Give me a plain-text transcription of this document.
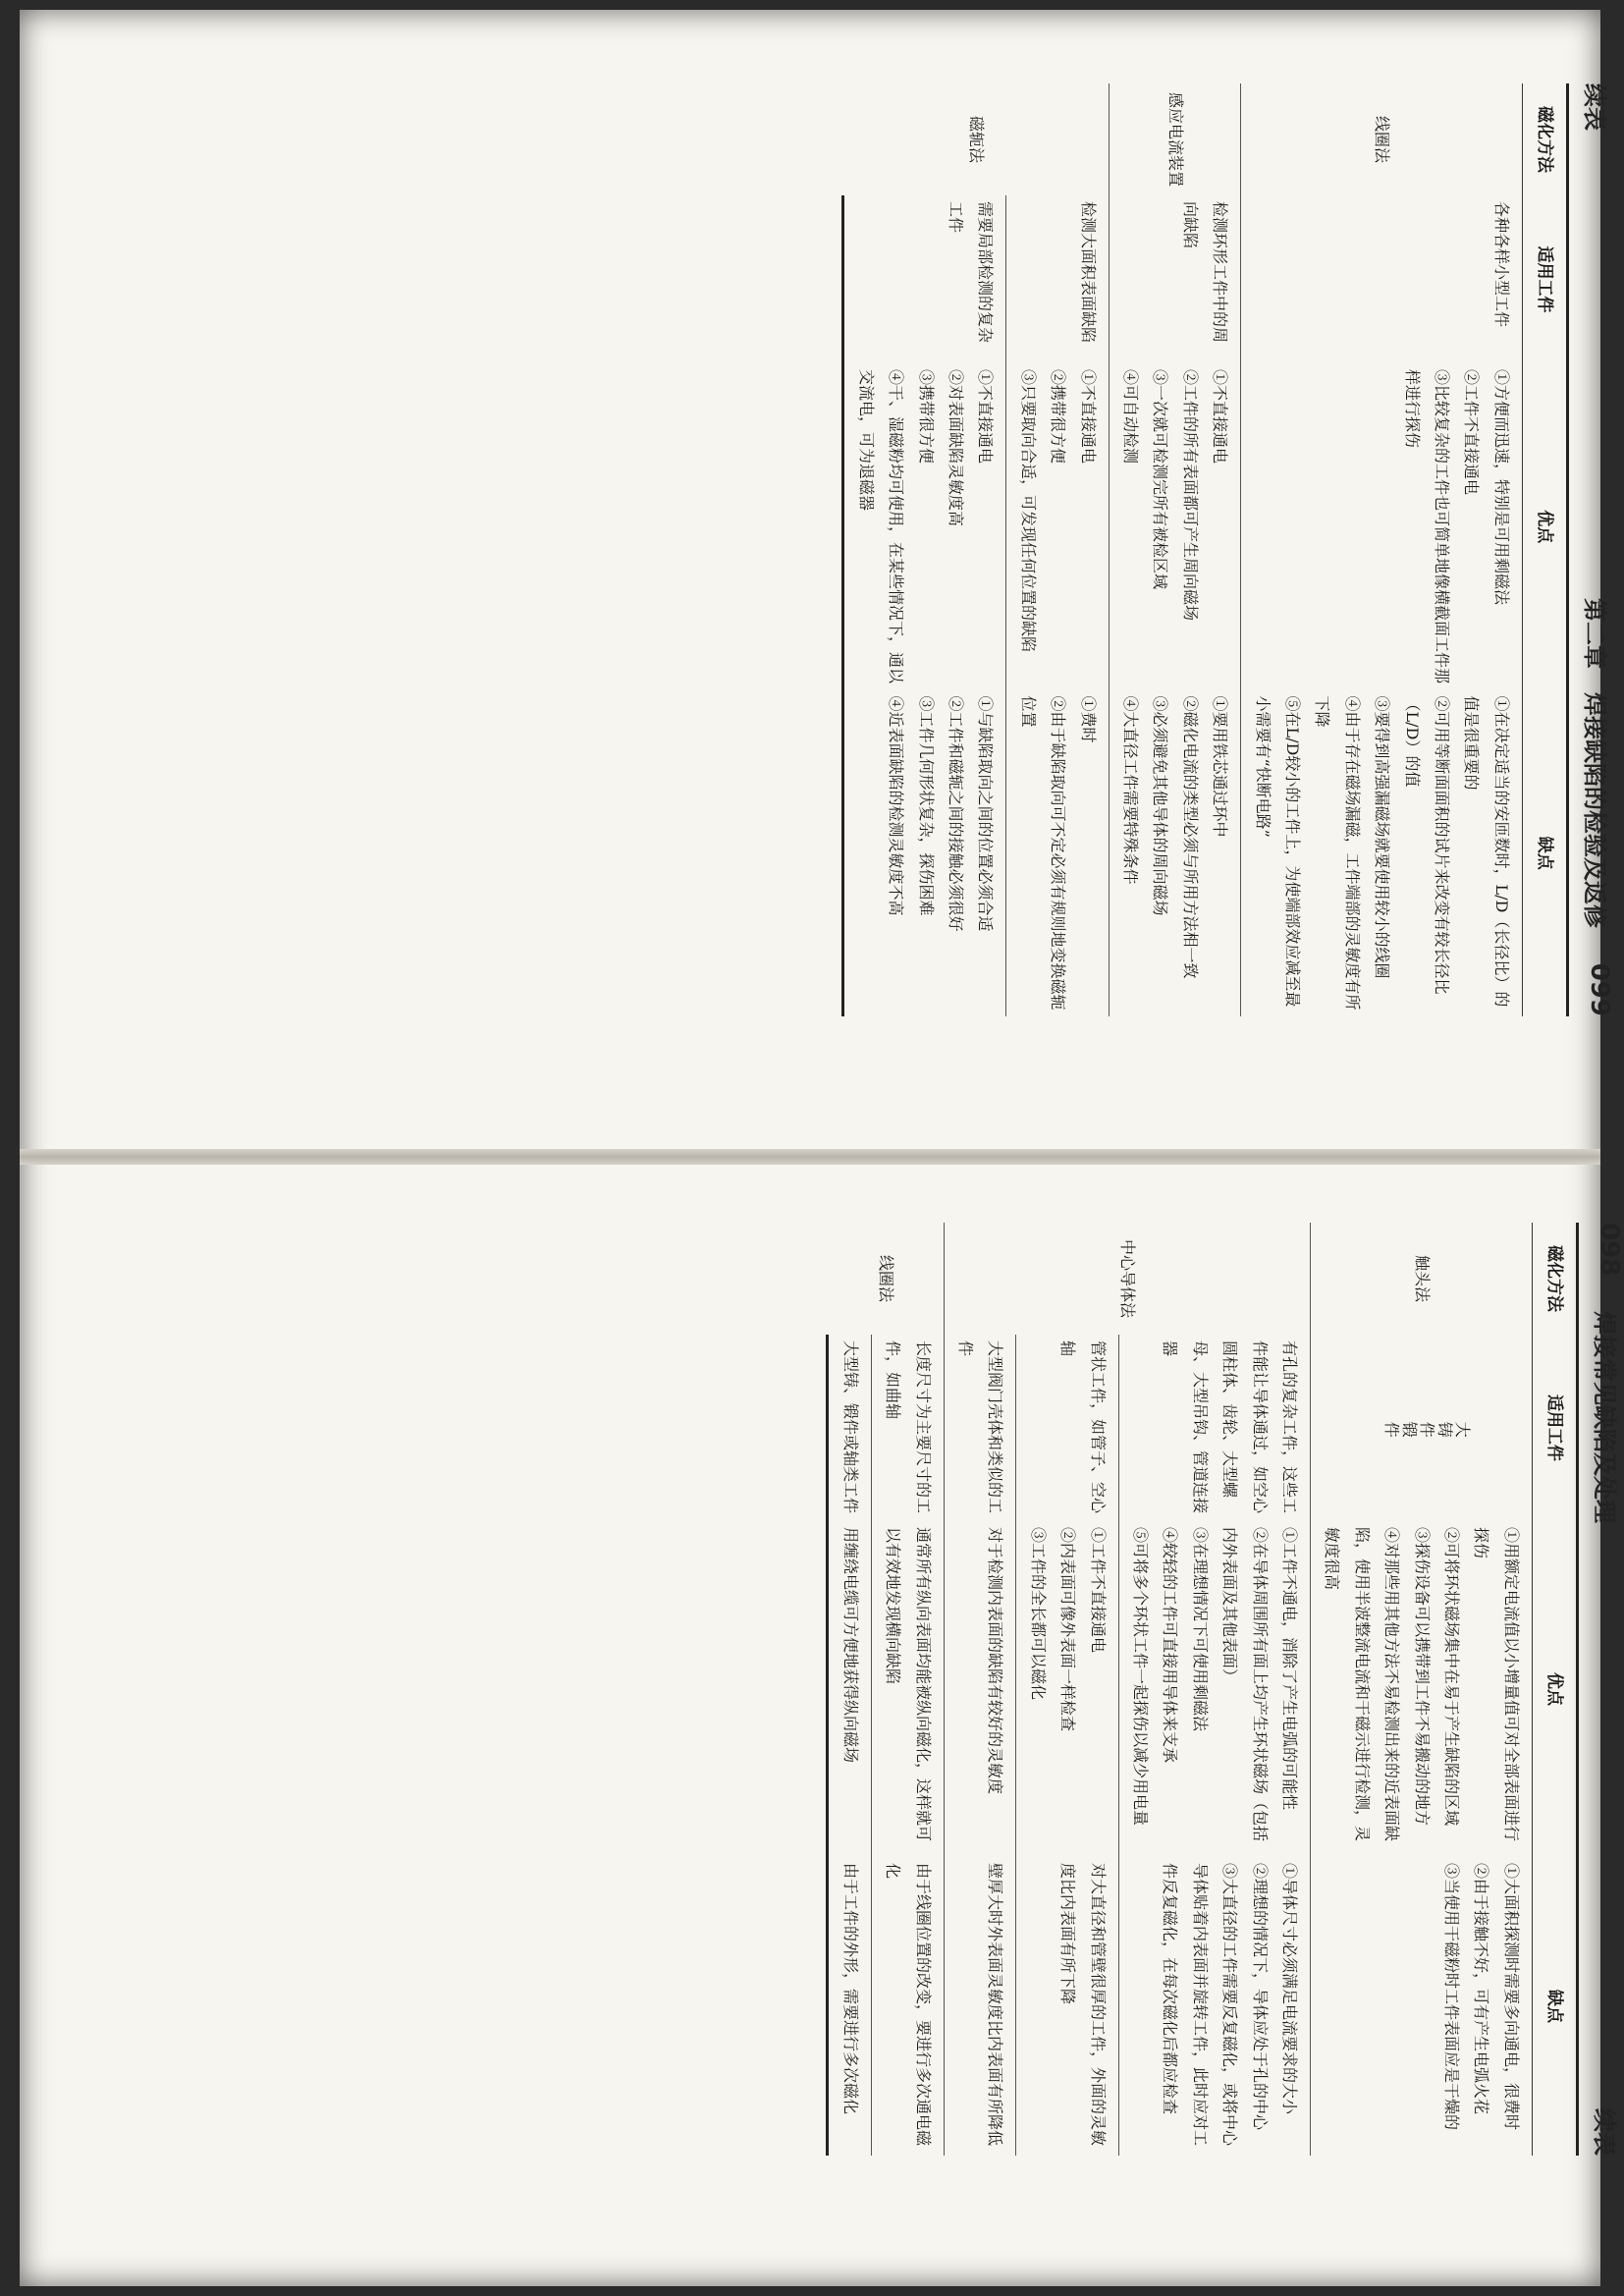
续表
第二章　焊接缺陷的检验及返修
099
磁化方法	适用工件	优点	缺点
线圈法	各种各样小型工件	①方便而迅速，特别是可用剩磁法
②工件不直接通电
③比较复杂的工件也可简单地像横截面工件那样进行探伤	①在决定适当的安匝数时，L/D（长径比）的值是很重要的
②可用等断面面积的试片来改变有较长径比（L/D）的值
③要得到高强漏磁场就要使用较小的线圈
④由于存在磁场漏磁，工件端部的灵敏度有所下降
⑤在L/D较小的工件上，为使端部效应减至最小需要有“快断电路”

感应电流装置	检测环形工件中的周向缺陷	①不直接通电
②工件的所有表面都可产生周向磁场
③一次就可检测完所有被检区域
④可自动检测	①要用铁芯通过环中
②磁化电流的类型必须与所用方法相一致
③必须避免其他导体的周向磁场
④大直径工件需要特殊条件

磁轭法	检测大面积表面缺陷	①不直接通电
②携带很方便
③只要取向合适，可发现任何位置的缺陷	①费时
②由于缺陷取向可不定必须有规则地变换磁轭位置

	需要局部检测的复杂工件	①不直接通电
②对表面缺陷灵敏度高
③携带很方便
④干、湿磁粉均可使用，在某些情况下，通以交流电，可为退磁器	①与缺陷取向之间的位置必须合适
②工件和磁轭之间的接触必须很好
③工件几何形状复杂，探伤困难
④近表面缺陷的检测灵敏度不高
098
焊接常见缺陷及处理
续表
磁化方法	适用工件	优点	缺点
触头法	大铸件锻件	①用额定电流值以小增量值可对全部表面进行探伤
②可将环状磁场集中在易于产生缺陷的区域
③探伤设备可以携带到工件不易搬动的地方
④对那些用其他方法不易检测出来的近表面缺陷，使用半波整流电流和干磁示进行检测，灵敏度很高	①大面积探测时需要多向通电，很费时
②由于接触不好，可有产生电弧火花
③当使用干磁粉时工件表面应是干燥的

中心导体法	有孔的复杂工件，这些工件能让导体通过，如空心圆柱体、齿轮、大型螺母、大型吊钩、管道连接器	①工件不通电，消除了产生电弧的可能性
②在导体周围所有面上均产生环状磁场（包括内外表面及其他表面）
③在理想情况下可使用剩磁法
④较轻的工件可直接用导体来支承
⑤可将多个环状工件一起探伤以减少用电量	①导体尺寸必须满足电流要求的大小
②理想的情况下，导体应处于孔的中心
③大直径的工件需要反复磁化，或将中心导体贴着内表面并旋转工件，此时应对工件反复磁化，在每次磁化后都应检查

	管状工件，如管子、空心轴	①工件不直接通电
②内表面可像外表面一样检查
③工件的全长都可以磁化	对大直径和管壁很厚的工件，外面的灵敏度比内表面有所下降

	大型阀门壳体和类似的工件	对于检测内表面的缺陷有较好的灵敏度	壁厚大时外表面灵敏度比内表面有所降低

线圈法	长度尺寸为主要尺寸的工件，如曲轴	通常所有纵向表面均能被纵向磁化，这样就可以有效地发现横向缺陷	由于线圈位置的改变，要进行多次通电磁化

	大型铸、锻件或轴类工件	用缠绕电缆可方便地获得纵向磁场	由于工件的外形，需要进行多次磁化
